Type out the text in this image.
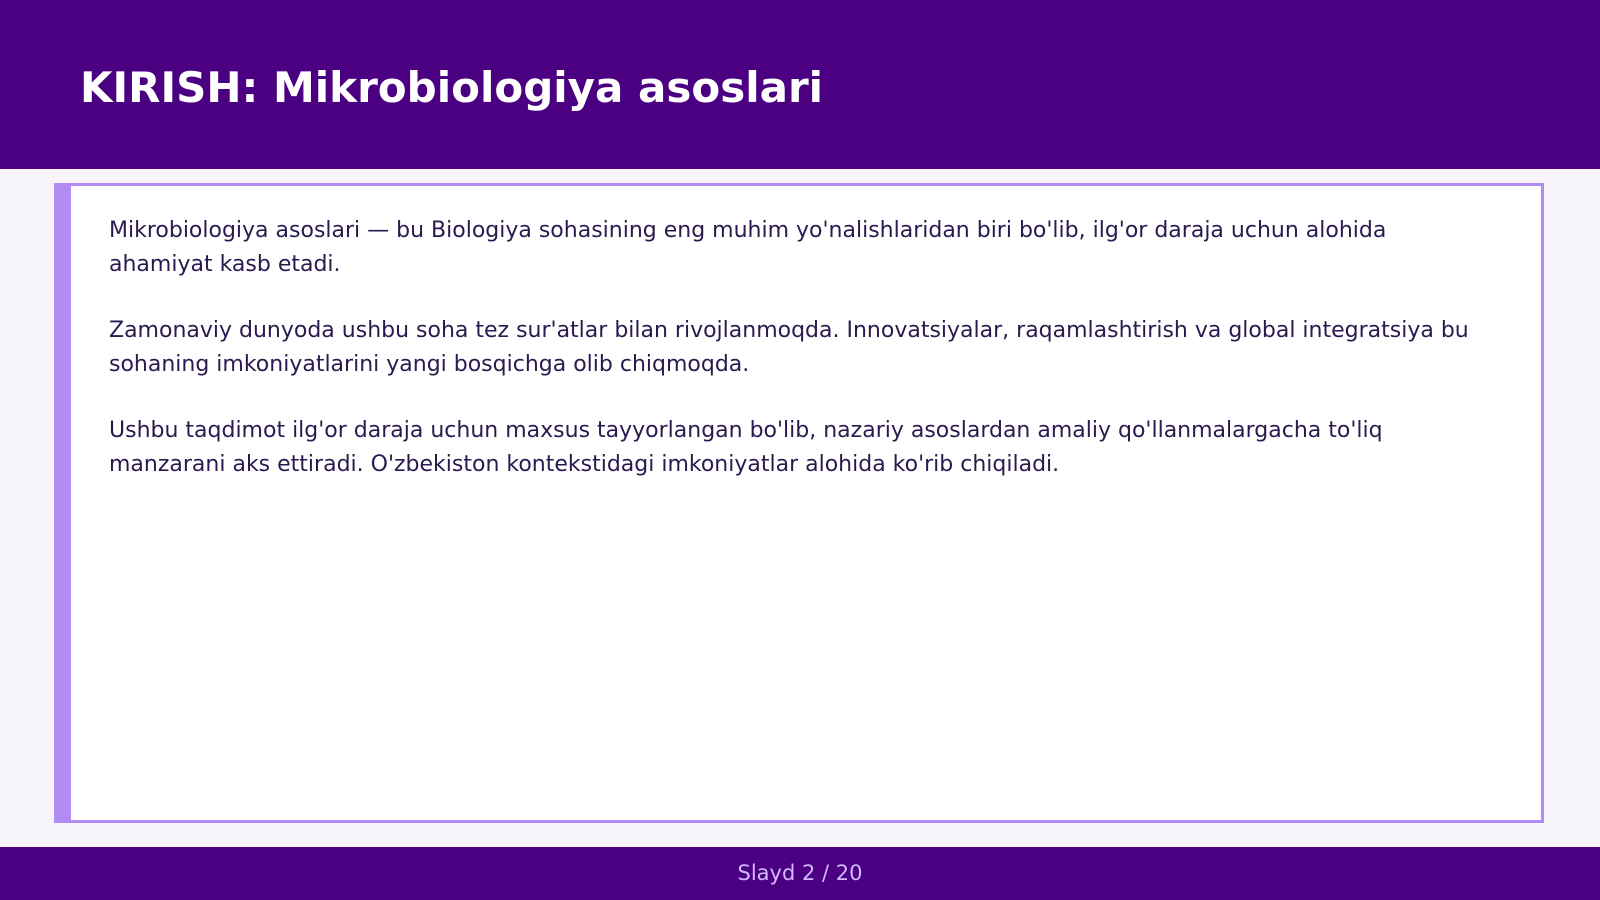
KIRISH: Mikrobiologiya asoslari

Mikrobiologiya asoslari — bu Biologiya sohasining eng muhim yo'nalishlaridan biri bo'lib, ilg'or daraja uchun alohida ahamiyat kasb etadi.

Zamonaviy dunyoda ushbu soha tez sur'atlar bilan rivojlanmoqda. Innovatsiyalar, raqamlashtirish va global integratsiya bu sohaning imkoniyatlarini yangi bosqichga olib chiqmoqda.

Ushbu taqdimot ilg'or daraja uchun maxsus tayyorlangan bo'lib, nazariy asoslardan amaliy qo'llanmalargacha to'liq manzarani aks ettiradi. O'zbekiston kontekstidagi imkoniyatlar alohida ko'rib chiqiladi.

Slayd 2 / 20
